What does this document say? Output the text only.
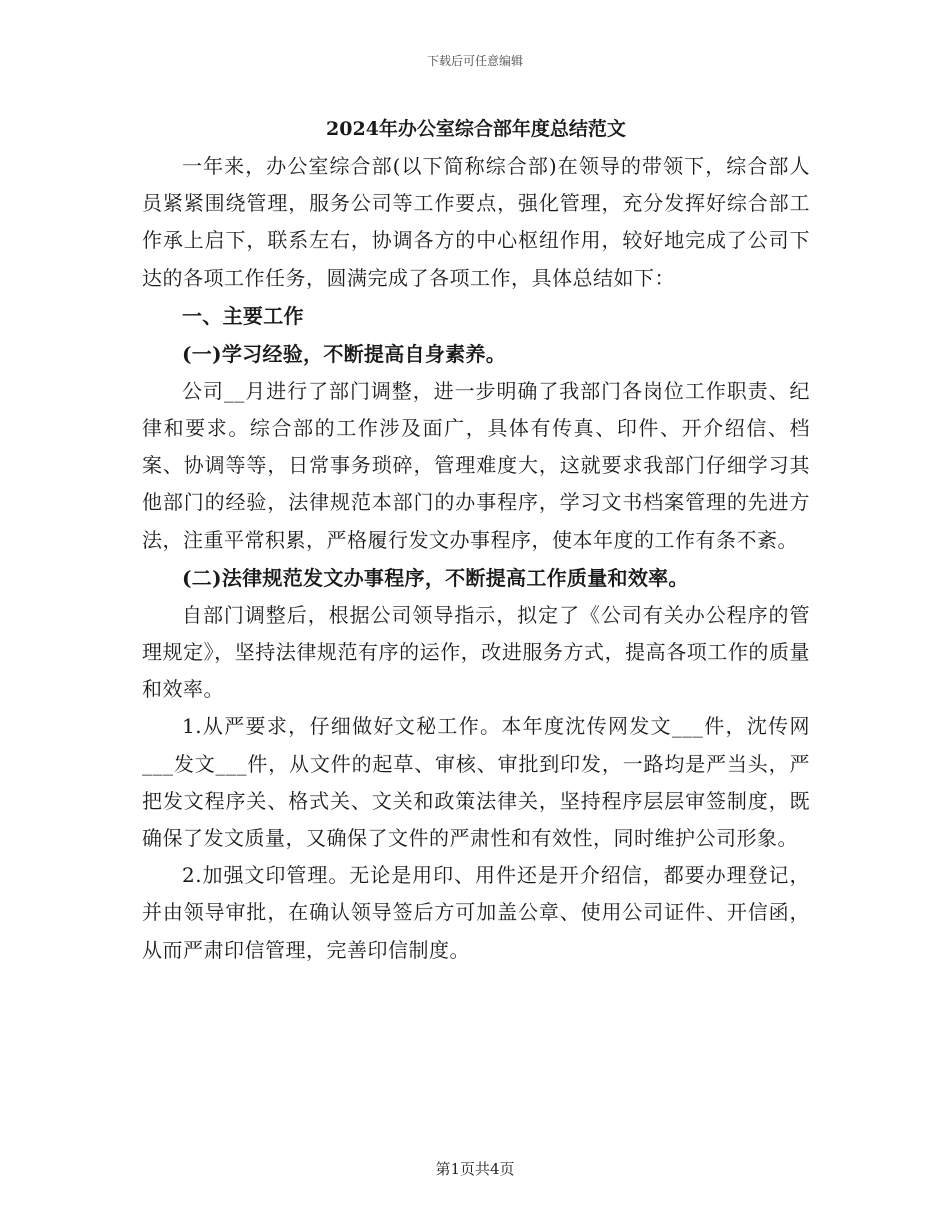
下载后可任意编辑
2024年办公室综合部年度总结范文

一年来，办公室综合部(以下简称综合部)在领导的带领下，综合部人员紧紧围绕管理，服务公司等工作要点，强化管理，充分发挥好综合部工作承上启下，联系左右，协调各方的中心枢纽作用，较好地完成了公司下达的各项工作任务，圆满完成了各项工作，具体总结如下：

一、主要工作

(一)学习经验，不断提高自身素养。

公司__月进行了部门调整，进一步明确了我部门各岗位工作职责、纪律和要求。综合部的工作涉及面广，具体有传真、印件、开介绍信、档案、协调等等，日常事务琐碎，管理难度大，这就要求我部门仔细学习其他部门的经验，法律规范本部门的办事程序，学习文书档案管理的先进方法，注重平常积累，严格履行发文办事程序，使本年度的工作有条不紊。

(二)法律规范发文办事程序，不断提高工作质量和效率。

自部门调整后，根据公司领导指示，拟定了《公司有关办公程序的管理规定》，坚持法律规范有序的运作，改进服务方式，提高各项工作的质量和效率。

1.从严要求，仔细做好文秘工作。本年度沈传网发文___件，沈传网___发文___件，从文件的起草、审核、审批到印发，一路均是严当头，严把发文程序关、格式关、文关和政策法律关，坚持程序层层审签制度，既确保了发文质量，又确保了文件的严肃性和有效性，同时维护公司形象。

2.加强文印管理。无论是用印、用件还是开介绍信，都要办理登记，并由领导审批，在确认领导签后方可加盖公章、使用公司证件、开信函，从而严肃印信管理，完善印信制度。

第1页共4页
